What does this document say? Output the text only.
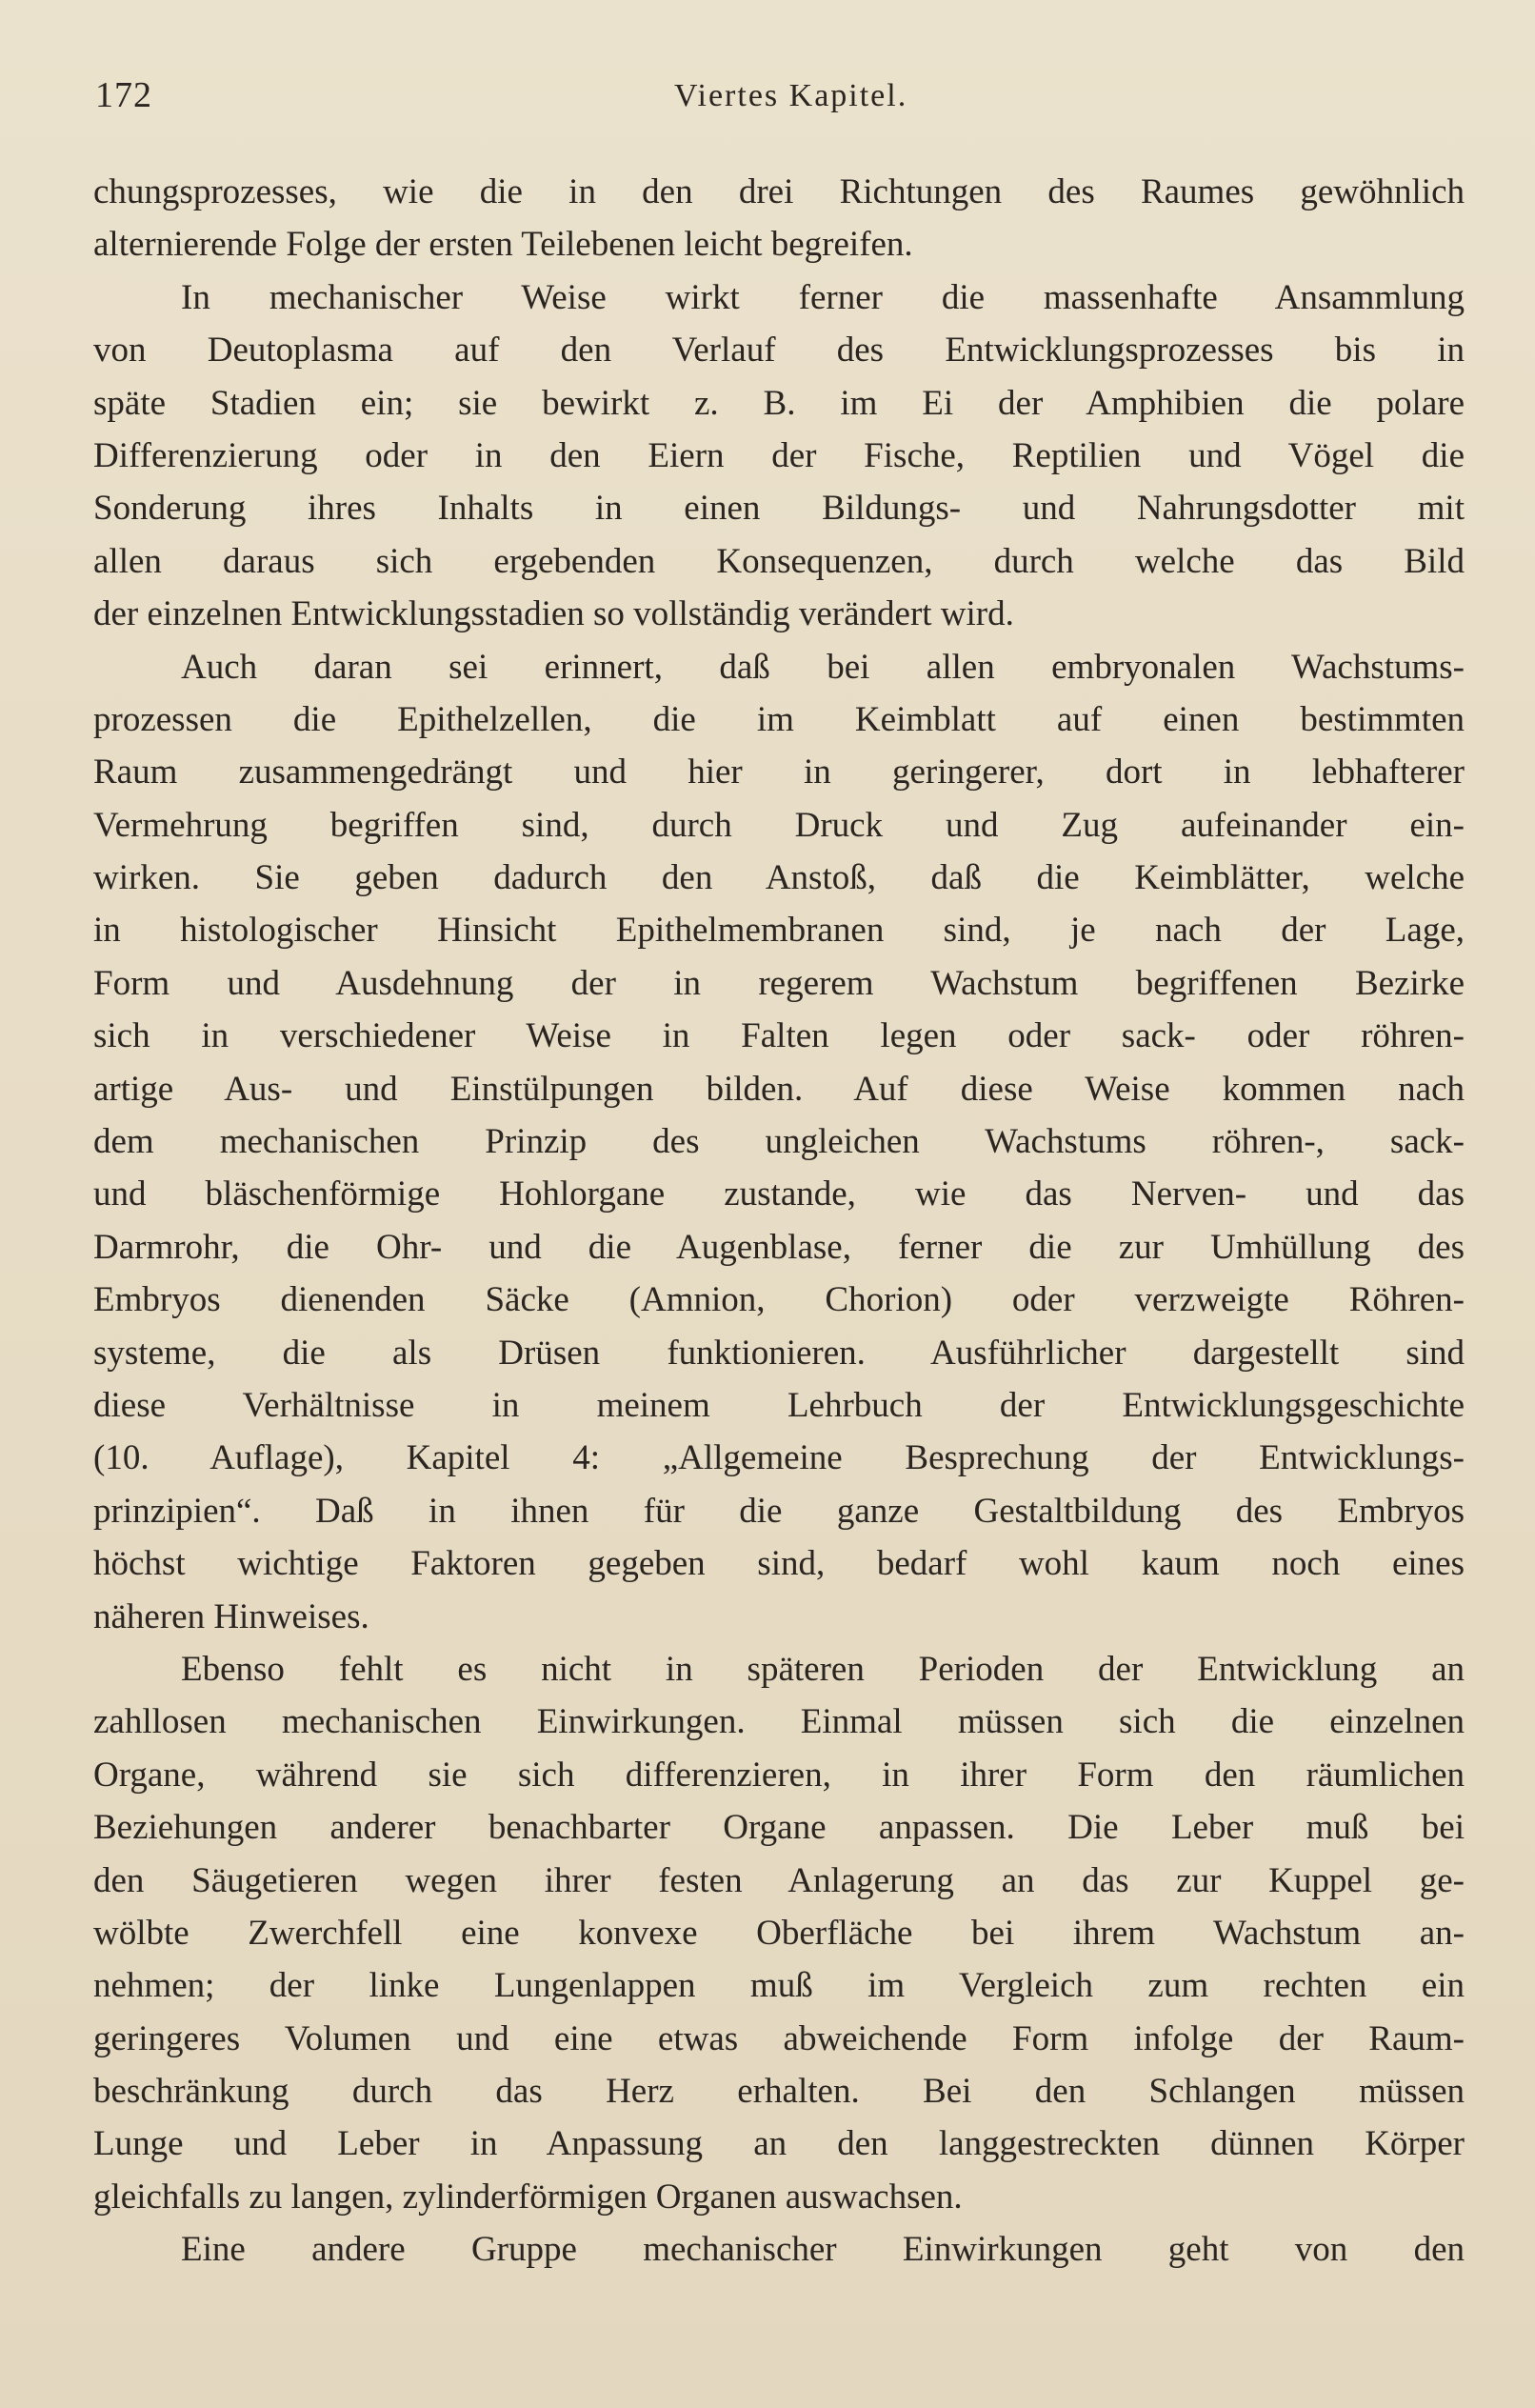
172	Viertes Kapitel.
chungsprozesses, wie die in den drei Richtungen des Raumes gewöhnlich
alternierende Folge der ersten Teilebenen leicht begreifen.
In mechanischer Weise wirkt ferner die massenhafte Ansammlung
von Deutoplasma auf den Verlauf des Entwicklungsprozesses bis in
späte Stadien ein; sie bewirkt z. B. im Ei der Amphibien die polare
Differenzierung oder in den Eiern der Fische, Reptilien und Vögel die
Sonderung ihres Inhalts in einen Bildungs- und Nahrungsdotter mit
allen daraus sich ergebenden Konsequenzen, durch welche das Bild
der einzelnen Entwicklungsstadien so vollständig verändert wird.
Auch daran sei erinnert, daß bei allen embryonalen Wachstums-
prozessen die Epithelzellen, die im Keimblatt auf einen bestimmten
Raum zusammengedrängt und hier in geringerer, dort in lebhafterer
Vermehrung begriffen sind, durch Druck und Zug aufeinander ein-
wirken. Sie geben dadurch den Anstoß, daß die Keimblätter, welche
in histologischer Hinsicht Epithelmembranen sind, je nach der Lage,
Form und Ausdehnung der in regerem Wachstum begriffenen Bezirke
sich in verschiedener Weise in Falten legen oder sack- oder röhren-
artige Aus- und Einstülpungen bilden. Auf diese Weise kommen nach
dem mechanischen Prinzip des ungleichen Wachstums röhren-, sack-
und bläschenförmige Hohlorgane zustande, wie das Nerven- und das
Darmrohr, die Ohr- und die Augenblase, ferner die zur Umhüllung des
Embryos dienenden Säcke (Amnion, Chorion) oder verzweigte Röhren-
systeme, die als Drüsen funktionieren. Ausführlicher dargestellt sind
diese Verhältnisse in meinem Lehrbuch der Entwicklungsgeschichte
(10. Auflage), Kapitel 4: „Allgemeine Besprechung der Entwicklungs-
prinzipien“. Daß in ihnen für die ganze Gestaltbildung des Embryos
höchst wichtige Faktoren gegeben sind, bedarf wohl kaum noch eines
näheren Hinweises.
Ebenso fehlt es nicht in späteren Perioden der Entwicklung an
zahllosen mechanischen Einwirkungen. Einmal müssen sich die einzelnen
Organe, während sie sich differenzieren, in ihrer Form den räumlichen
Beziehungen anderer benachbarter Organe anpassen. Die Leber muß bei
den Säugetieren wegen ihrer festen Anlagerung an das zur Kuppel ge-
wölbte Zwerchfell eine konvexe Oberfläche bei ihrem Wachstum an-
nehmen; der linke Lungenlappen muß im Vergleich zum rechten ein
geringeres Volumen und eine etwas abweichende Form infolge der Raum-
beschränkung durch das Herz erhalten. Bei den Schlangen müssen
Lunge und Leber in Anpassung an den langgestreckten dünnen Körper
gleichfalls zu langen, zylinderförmigen Organen auswachsen.
Eine andere Gruppe mechanischer Einwirkungen geht von den
